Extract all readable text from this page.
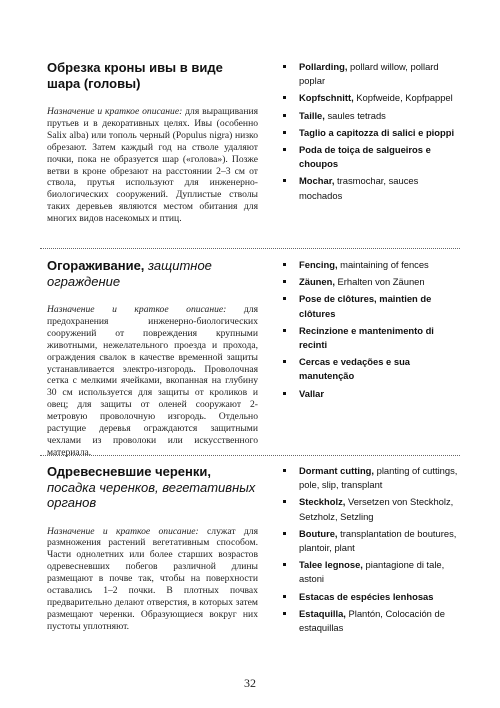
Обрезка кроны ивы в виде шара (головы)

Назначение и краткое описание: для выращивания прутьев и в декоративных целях. Ивы (особенно Salix alba) или тополь черный (Populus nigra) низко обрезают. Затем каждый год на стволе удаляют почки, пока не образуется шар («голова»). Позже ветви в кроне обрезают на расстоянии 2–3 см от ствола, прутья используют для инженерно-биологических сооружений. Дуплистые стволы таких деревьев являются местом обитания для многих видов насекомых и птиц.
Pollarding, pollard willow, pollard poplar
Kopfschnitt, Kopfweide, Kopfpappel
Taille, saules tetrads
Taglio a capitozza di salici e pioppi
Poda de toiça de salgueiros e choupos
Mochar, trasmochar, sauces mochados

Огораживание, защитное ограждение

Назначение и краткое описание: для предохранения инженерно-биологических сооружений от повреждения крупными животными, нежелательного проезда и прохода, ограждения свалок в качестве временной защиты устанавливается электро-изгородь. Проволочная сетка с мелкими ячейками, вкопанная на глубину 30 см используется для защиты от кроликов и овец; для защиты от оленей сооружают 2-метровую проволочную изгородь. Отдельно растущие деревья ограждаются защитными чехлами из проволоки или искусственного материала.
Fencing, maintaining of fences
Zäunen, Erhalten von Zäunen
Pose de clôtures, maintien de clôtures
Recinzione e mantenimento di recinti
Cercas e vedações e sua manutenção
Vallar

Одревесневшие черенки, посадка черенков, вегетативных органов

Назначение и краткое описание: служат для размножения растений вегетативным способом. Части однолетних или более старших возрастов одревесневших побегов различной длины размещают в почве так, чтобы на поверхности оставались 1–2 почки. В плотных почвах предварительно делают отверстия, в которых затем размещают черенки. Образующиеся вокруг них пустоты уплотняют.
Dormant cutting, planting of cuttings, pole, slip, transplant
Steckholz, Versetzen von Steckholz, Setzholz, Setzling
Bouture, transplantation de boutures, plantoir, plant
Talee legnose, piantagione di tale, astoni
Estacas de espécies lenhosas
Estaquilla, Plantón, Colocación de estaquillas
32
